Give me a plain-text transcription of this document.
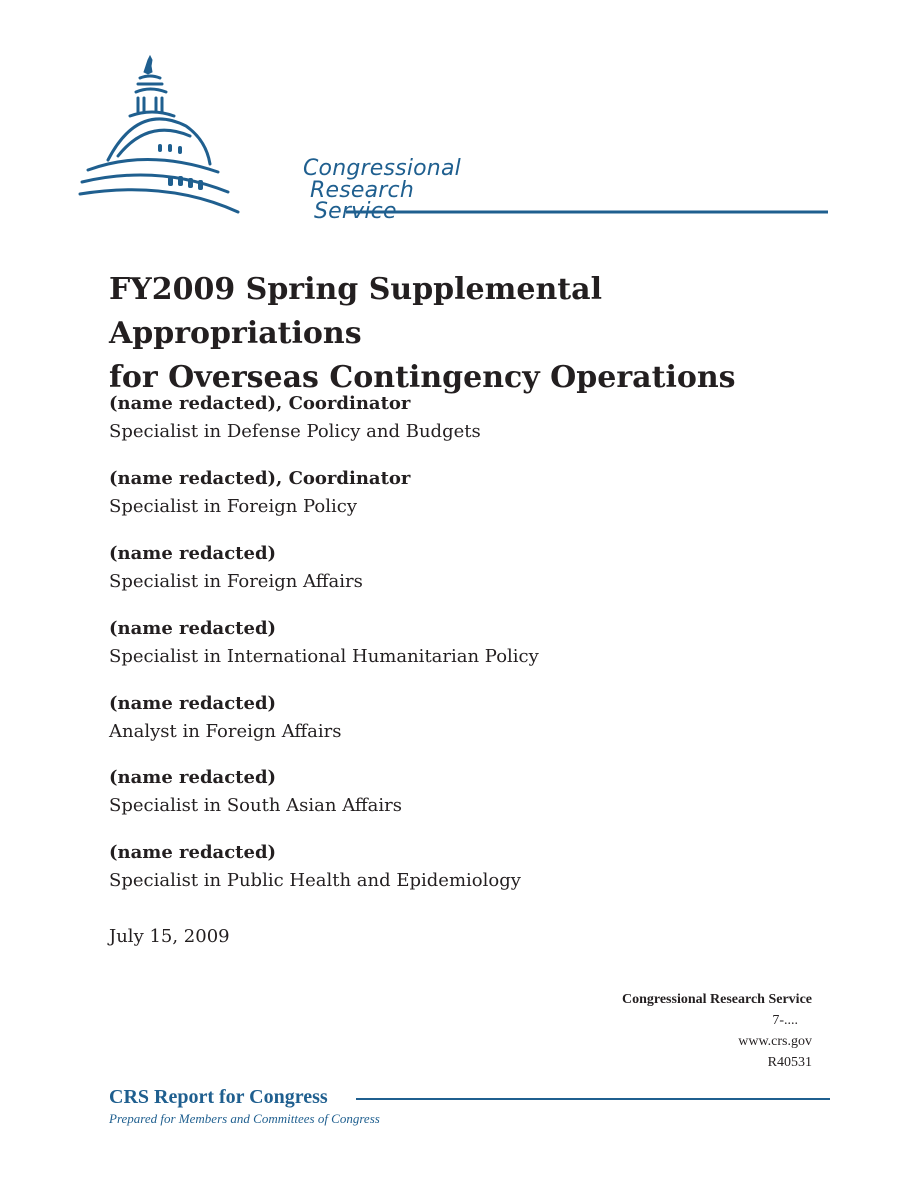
Congressional
Research
Service
FY2009 Spring Supplemental Appropriations
for Overseas Contingency Operations
(name redacted), Coordinator
Specialist in Defense Policy and Budgets
(name redacted), Coordinator
Specialist in Foreign Policy
(name redacted)
Specialist in Foreign Affairs
(name redacted)
Specialist in International Humanitarian Policy
(name redacted)
Analyst in Foreign Affairs
(name redacted)
Specialist in South Asian Affairs
(name redacted)
Specialist in Public Health and Epidemiology
July 15, 2009
Congressional Research Service
7-....
www.crs.gov
R40531
CRS Report for Congress
Prepared for Members and Committees of Congress
